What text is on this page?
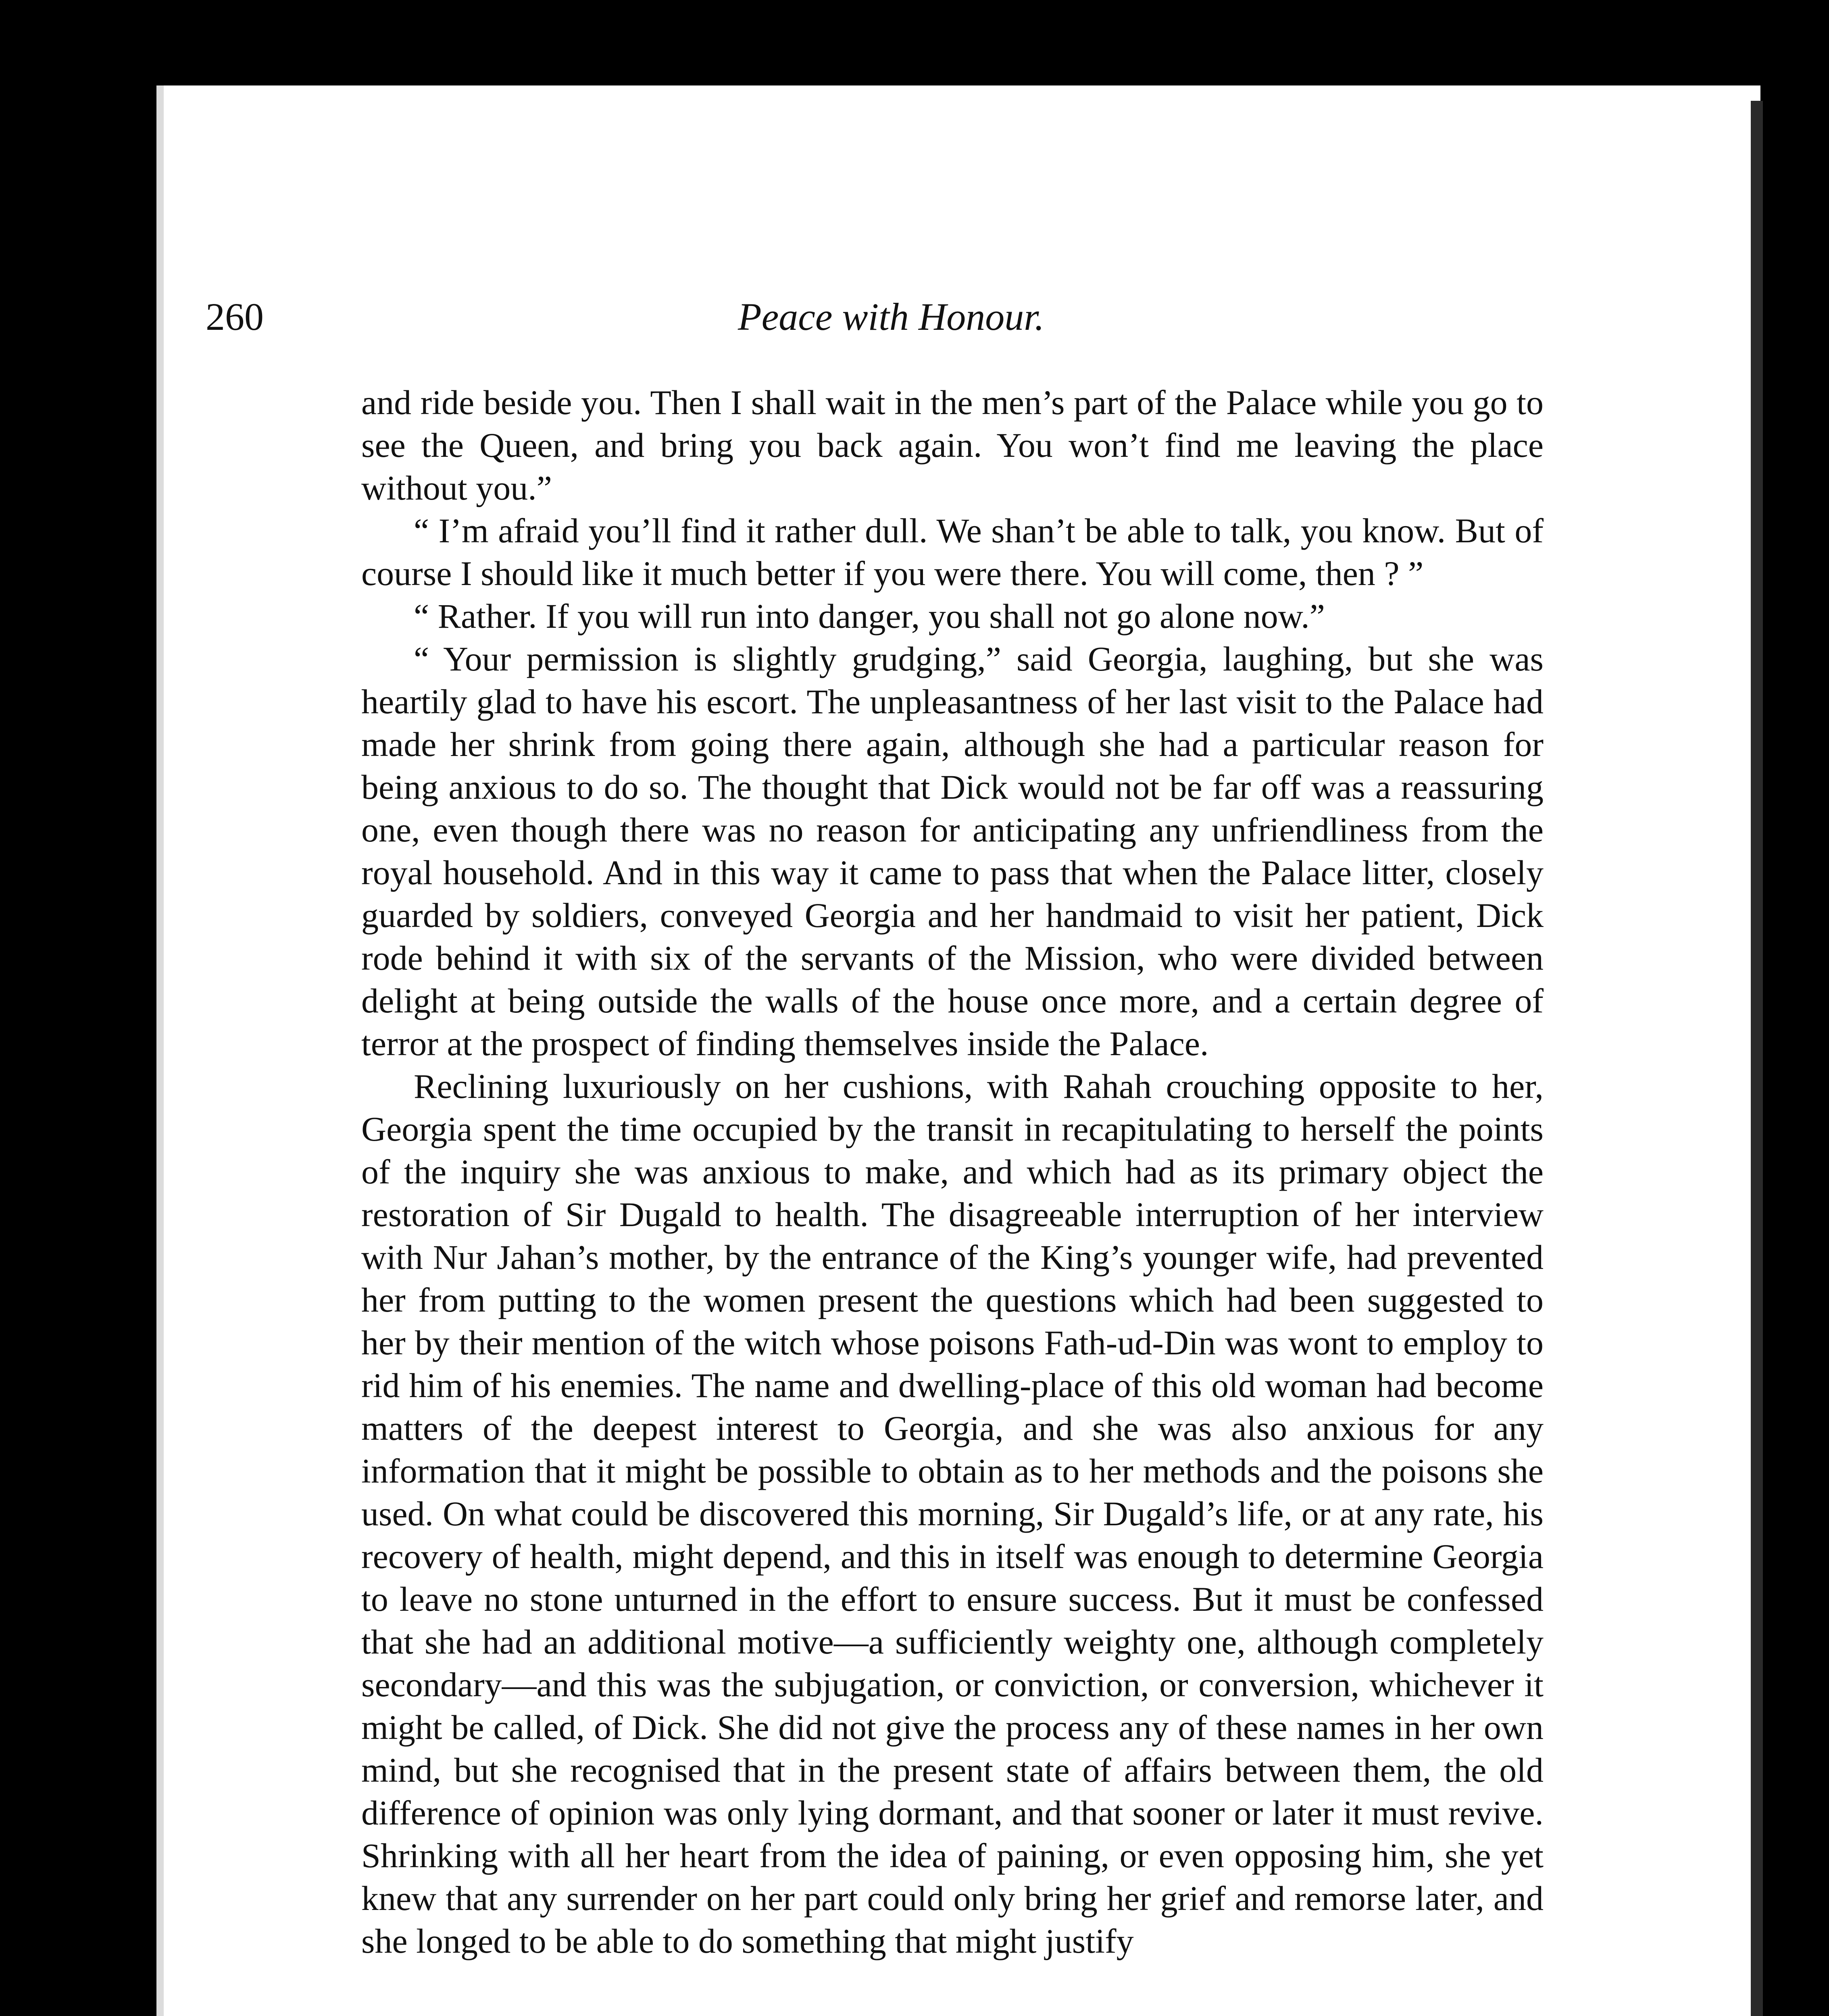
260	Peace with Honour.

and ride beside you. Then I shall wait in the men’s part of the Palace while you go to see the Queen, and bring you back again. You won’t find me leaving the place without you.”

“ I’m afraid you’ll find it rather dull. We shan’t be able to talk, you know. But of course I should like it much better if you were there. You will come, then ? ”

“ Rather. If you will run into danger, you shall not go alone now.”

“ Your permission is slightly grudging,” said Georgia, laughing, but she was heartily glad to have his escort. The unpleasantness of her last visit to the Palace had made her shrink from going there again, although she had a particular reason for being anxious to do so. The thought that Dick would not be far off was a reassuring one, even though there was no reason for anticipating any unfriendliness from the royal household. And in this way it came to pass that when the Palace litter, closely guarded by soldiers, conveyed Georgia and her handmaid to visit her patient, Dick rode behind it with six of the servants of the Mission, who were divided between delight at being outside the walls of the house once more, and a certain degree of terror at the prospect of finding themselves inside the Palace.

Reclining luxuriously on her cushions, with Rahah crouching opposite to her, Georgia spent the time occupied by the transit in recapitulating to herself the points of the inquiry she was anxious to make, and which had as its primary object the restoration of Sir Dugald to health. The disagreeable interruption of her interview with Nur Jahan’s mother, by the entrance of the King’s younger wife, had prevented her from putting to the women present the questions which had been suggested to her by their mention of the witch whose poisons Fath-ud-Din was wont to employ to rid him of his enemies. The name and dwelling-place of this old woman had become matters of the deepest interest to Georgia, and she was also anxious for any information that it might be possible to obtain as to her methods and the poisons she used. On what could be discovered this morning, Sir Dugald’s life, or at any rate, his recovery of health, might depend, and this in itself was enough to determine Georgia to leave no stone unturned in the effort to ensure success. But it must be confessed that she had an additional motive—a sufficiently weighty one, although completely secondary—and this was the subjugation, or conviction, or conversion, whichever it might be called, of Dick. She did not give the process any of these names in her own mind, but she recognised that in the present state of affairs between them, the old difference of opinion was only lying dormant, and that sooner or later it must revive. Shrinking with all her heart from the idea of paining, or even opposing him, she yet knew that any surrender on her part could only bring her grief and remorse later, and she longed to be able to do something that might justify
